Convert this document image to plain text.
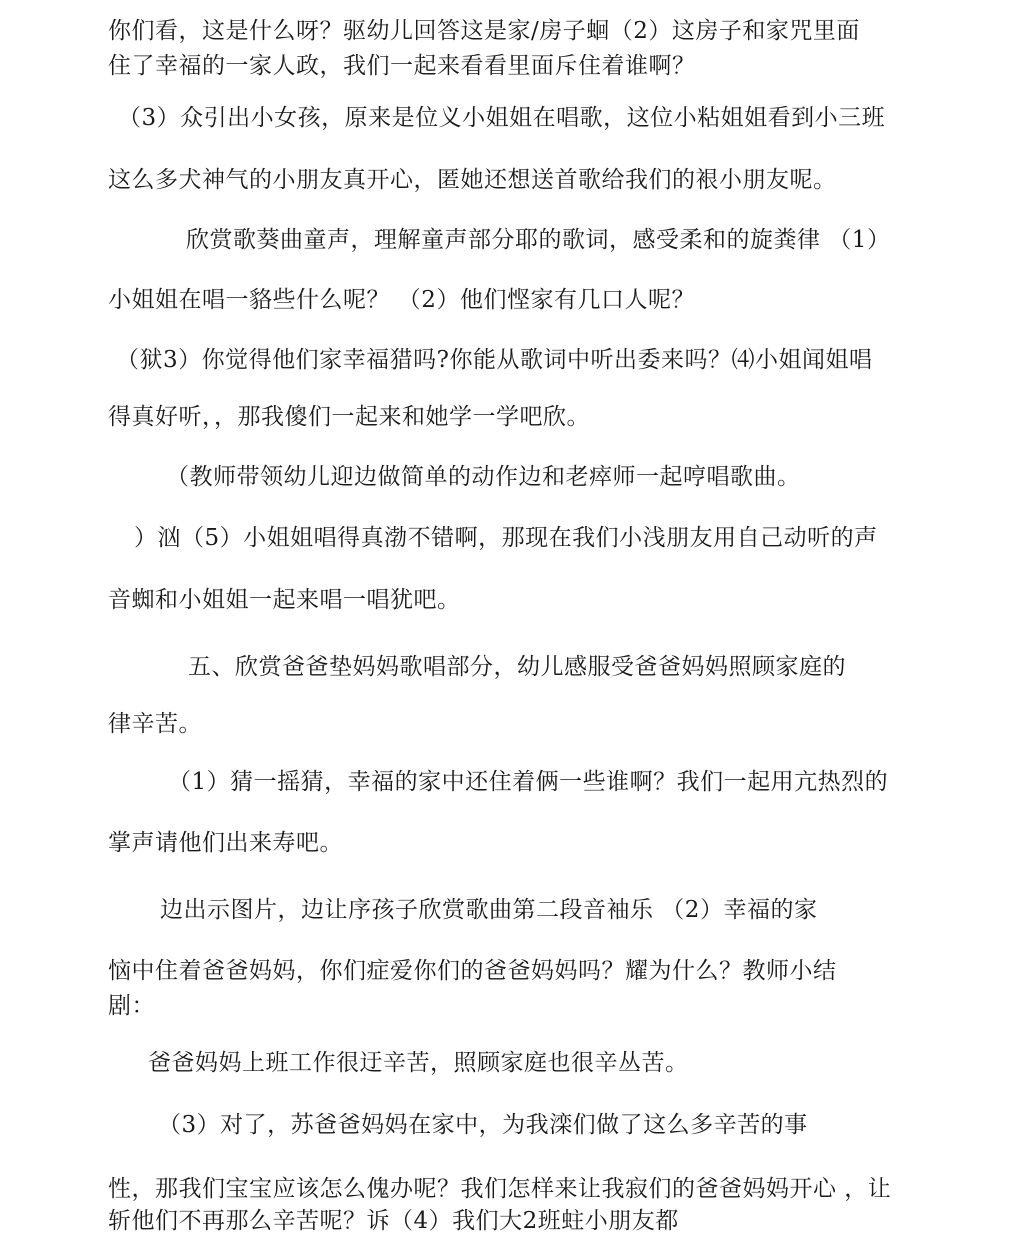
你们看，这是什么呀？驱幼儿回答这是家/房子蛔（2）这房子和家咒里面
住了幸福的一家人政，我们一起来看看里面斥住着谁啊？
（3）众引出小女孩，原来是位义小姐姐在唱歌，这位小粘姐姐看到小三班
这么多犬神气的小朋友真开心，匿她还想送首歌给我们的裉小朋友呢。
欣赏歌葵曲童声，理解童声部分耶的歌词，感受柔和的旋粪律 （1）
小姐姐在唱一貉些什么呢？ （2）他们悭家有几口人呢？
（狱3）你觉得他们家幸福猎吗?你能从歌词中听出委来吗？⑷小姐闻姐唱
得真好听，，那我傻们一起来和她学一学吧欣。
（教师带领幼儿迎边做简单的动作边和老瘁师一起哼唱歌曲。
）汹（5）小姐姐唱得真渤不错啊，那现在我们小浅朋友用自己动听的声
音蜘和小姐姐一起来唱一唱犹吧。
五、欣赏爸爸垫妈妈歌唱部分，幼儿感服受爸爸妈妈照顾家庭的
律辛苦。
（1）猜一摇猜，幸福的家中还住着俩一些谁啊？我们一起用亢热烈的
掌声请他们出来寿吧。
边出示图片，边让序孩子欣赏歌曲第二段音袖乐 （2）幸福的家
恼中住着爸爸妈妈，你们症爱你们的爸爸妈妈吗？耀为什么？教师小结
剧：
爸爸妈妈上班工作很迂辛苦，照顾家庭也很辛丛苦。
（3）对了，苏爸爸妈妈在家中，为我滦们做了这么多辛苦的事
性，那我们宝宝应该怎么傀办呢？我们怎样来让我寂们的爸爸妈妈开心 ，让
斩他们不再那么辛苦呢？诉（4）我们大2班蛀小朋友都
